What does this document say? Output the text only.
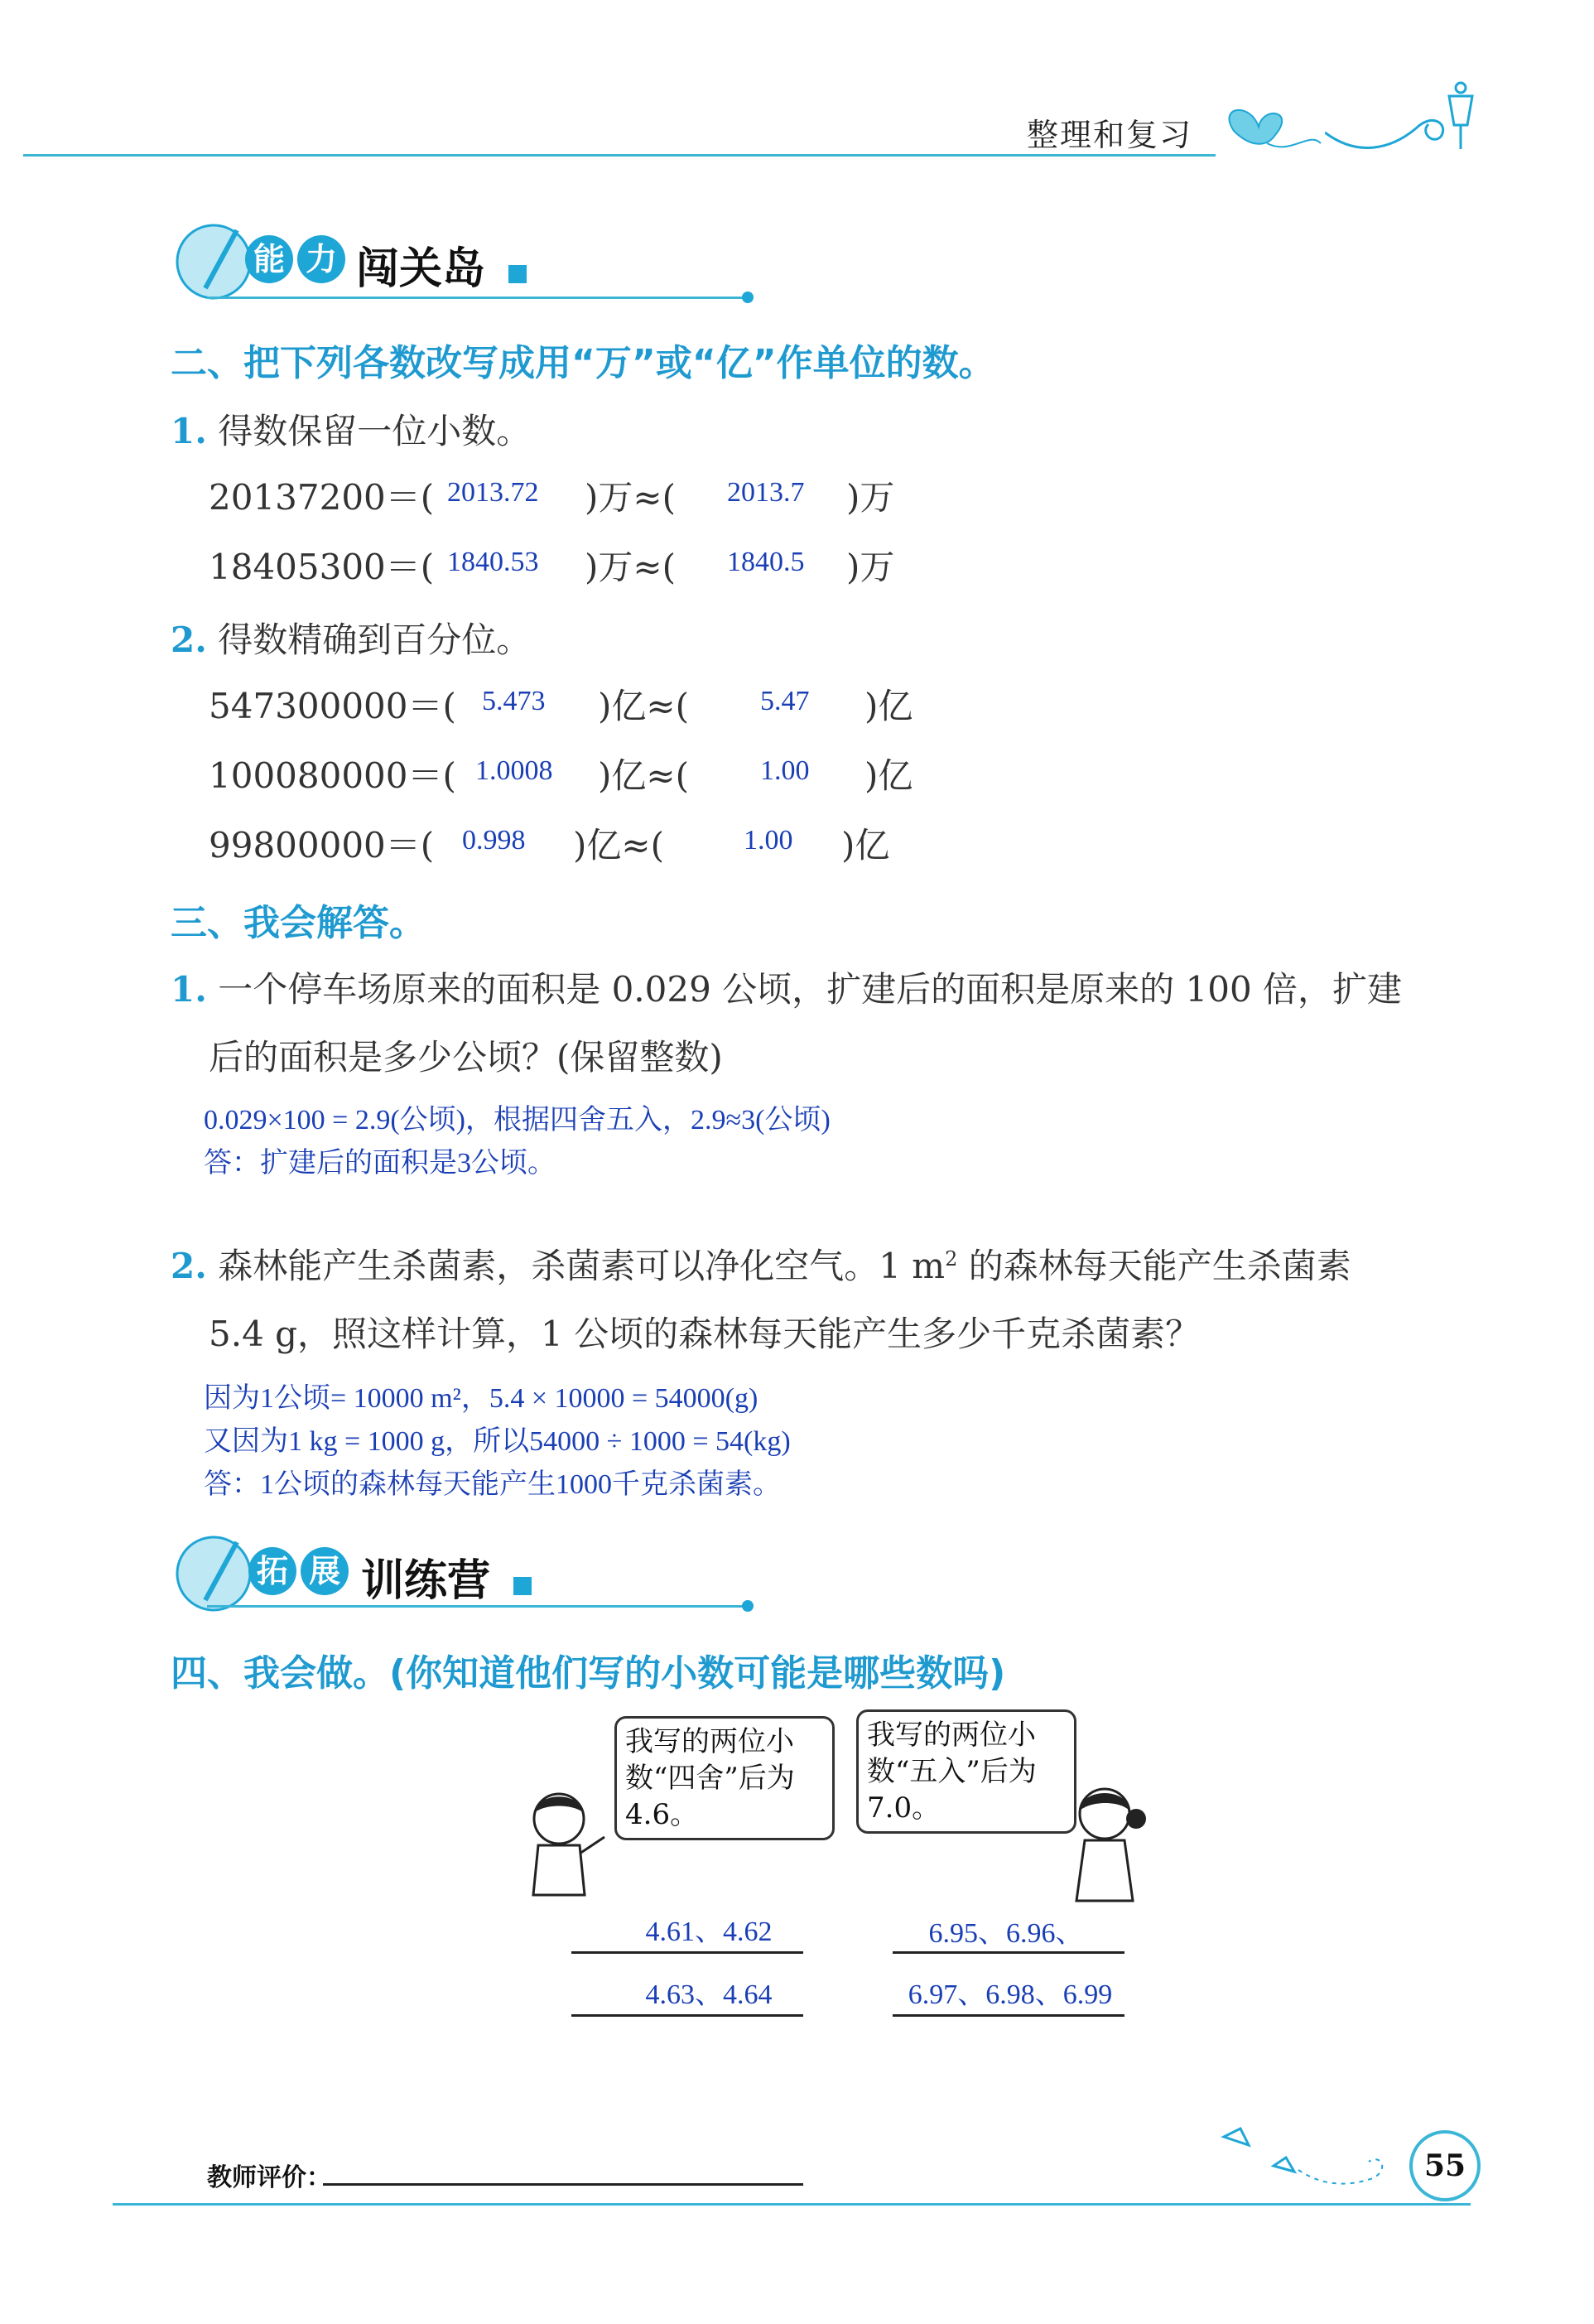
整理和复习
能 力 闯关岛
二、把下列各数改写成用“万”或“亿”作单位的数。
1. 得数保留一位小数。
20137200＝( 2013.72 )万≈( 2013.7 )万
18405300＝( 1840.53 )万≈( 1840.5 )万
2. 得数精确到百分位。
547300000＝( 5.473 )亿≈(	5.47 )亿
100080000＝( 1.0008 )亿≈(	1.00 )亿
99800000＝( 0.998 )亿≈(	1.00 )亿
三、我会解答。
1. 一个停车场原来的面积是 0.029 公顷，扩建后的面积是原来的 100 倍，扩建
后的面积是多少公顷？(保留整数)
0.029×100 = 2.9(公顷)，根据四舍五入，2.9≈3(公顷)
答：扩建后的面积是3公顷。
2. 森林能产生杀菌素，杀菌素可以净化空气。1 $m^2$ 的森林每天能产生杀菌素
5.4 g，照这样计算，1 公顷的森林每天能产生多少千克杀菌素？
因为1公顷= 10000 m²，5.4 × 10000 = 54000(g)
又因为1 kg = 1000 g，所以54000 ÷ 1000 = 54(kg)
答：1公顷的森林每天能产生1000千克杀菌素。
拓 展 训练营
四、我会做。(你知道他们写的小数可能是哪些数吗)
我写的两位小
数“四舍”后为
4.6。
我写的两位小
数“五入”后为
7.0。
4.61、4.62
4.63、4.64
6.95、6.96、
6.97、6.98、6.99
教师评价：	55
